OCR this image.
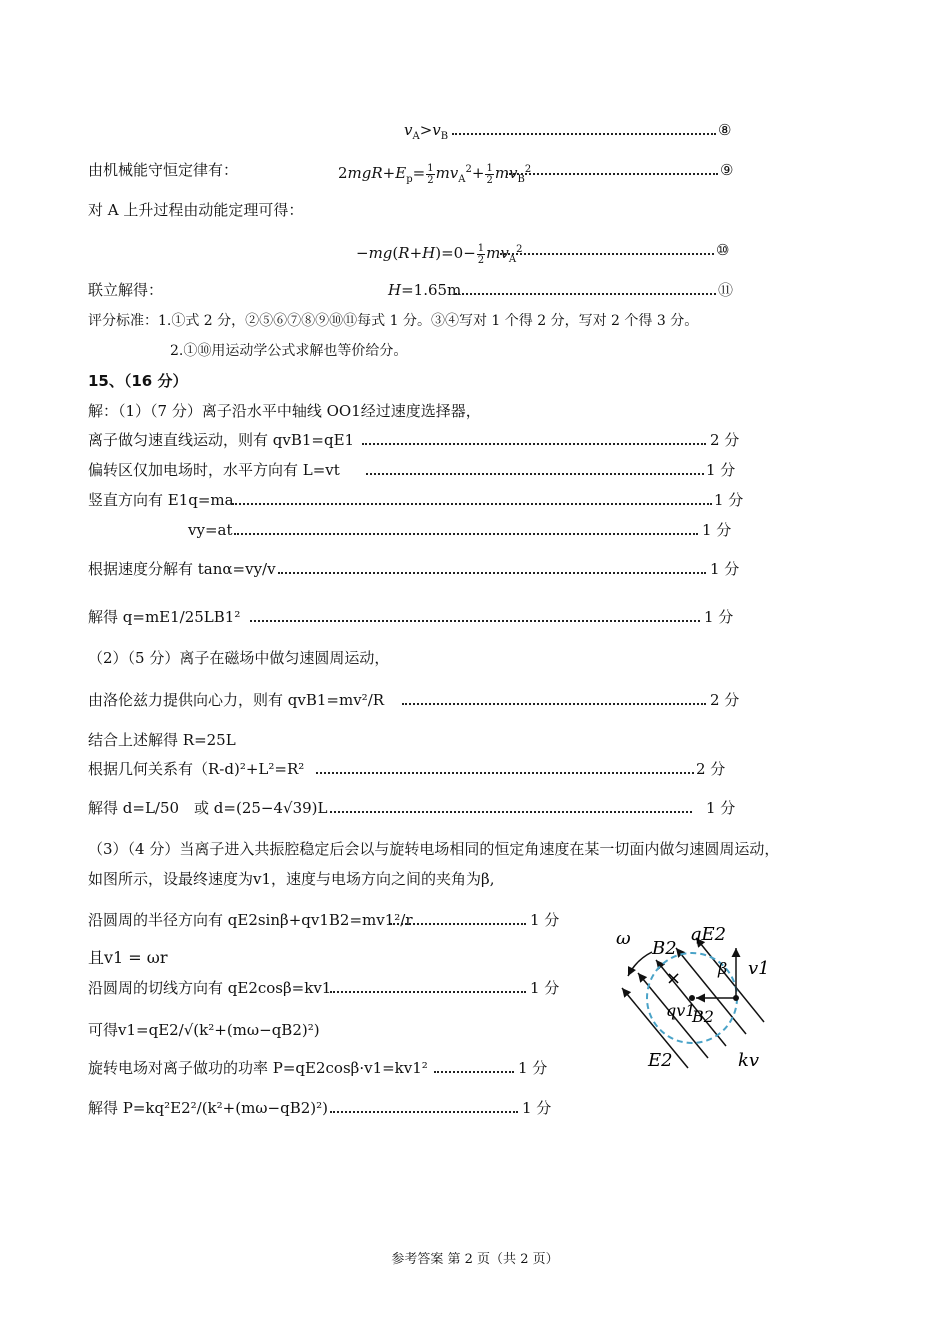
$v_A>v_B$	⑧
由机械能守恒定律有：	$2mgR+E_p= \frac{1}{2} mv_A^2+ \frac{1}{2} mv_B^2$	⑨
对 A 上升过程由动能定理可得：
$-mg(R+H)=0- \frac{1}{2} mv_A^2$	⑩
联立解得：	H=1.65m	⑪
评分标准：1.①式 2 分，②⑤⑥⑦⑧⑨⑩⑪每式 1 分。③④写对 1 个得 2 分，写对 2 个得 3 分。
2.①⑩用运动学公式求解也等价给分。
15、（16 分）
解：（1）（7 分）离子沿水平中轴线 OO1经过速度选择器，
离子做匀速直线运动，则有 qvB1=qE1	2 分
偏转区仅加电场时，水平方向有 L=vt	1 分
竖直方向有 E1q=ma	1 分
vy=at	1 分
根据速度分解有 tanα=vy/v	1 分
解得 q=mE1/25LB1²	1 分
（2）（5 分）离子在磁场中做匀速圆周运动，
由洛伦兹力提供向心力，则有 qvB1=mv²/R	2 分
结合上述解得 R=25L
根据几何关系有（R-d)²+L²=R²	2 分
解得 d=L/50　或 d=(25−4√39)L	1 分
（3）（4 分）当离子进入共振腔稳定后会以与旋转电场相同的恒定角速度在某一切面内做匀速圆周运动，
如图所示，设最终速度为v1，速度与电场方向之间的夹角为β,
沿圆周的半径方向有 qE2sinβ+qv1B2=mv1²/r	1 分
且v1 = ωr
沿圆周的切线方向有 qE2cosβ=kv1	1 分
可得v1=qE2/√(k²+(mω−qB2)²)
旋转电场对离子做功的功率 P=qE2cosβ·v1=kv1²	1 分
解得 P=kq²E2²/(k²+(mω−qB2)²)	1 分
ω B2
qE2
β v1
×
qv1
B2
E2	kv
参考答案 第 2 页（共 2 页）
